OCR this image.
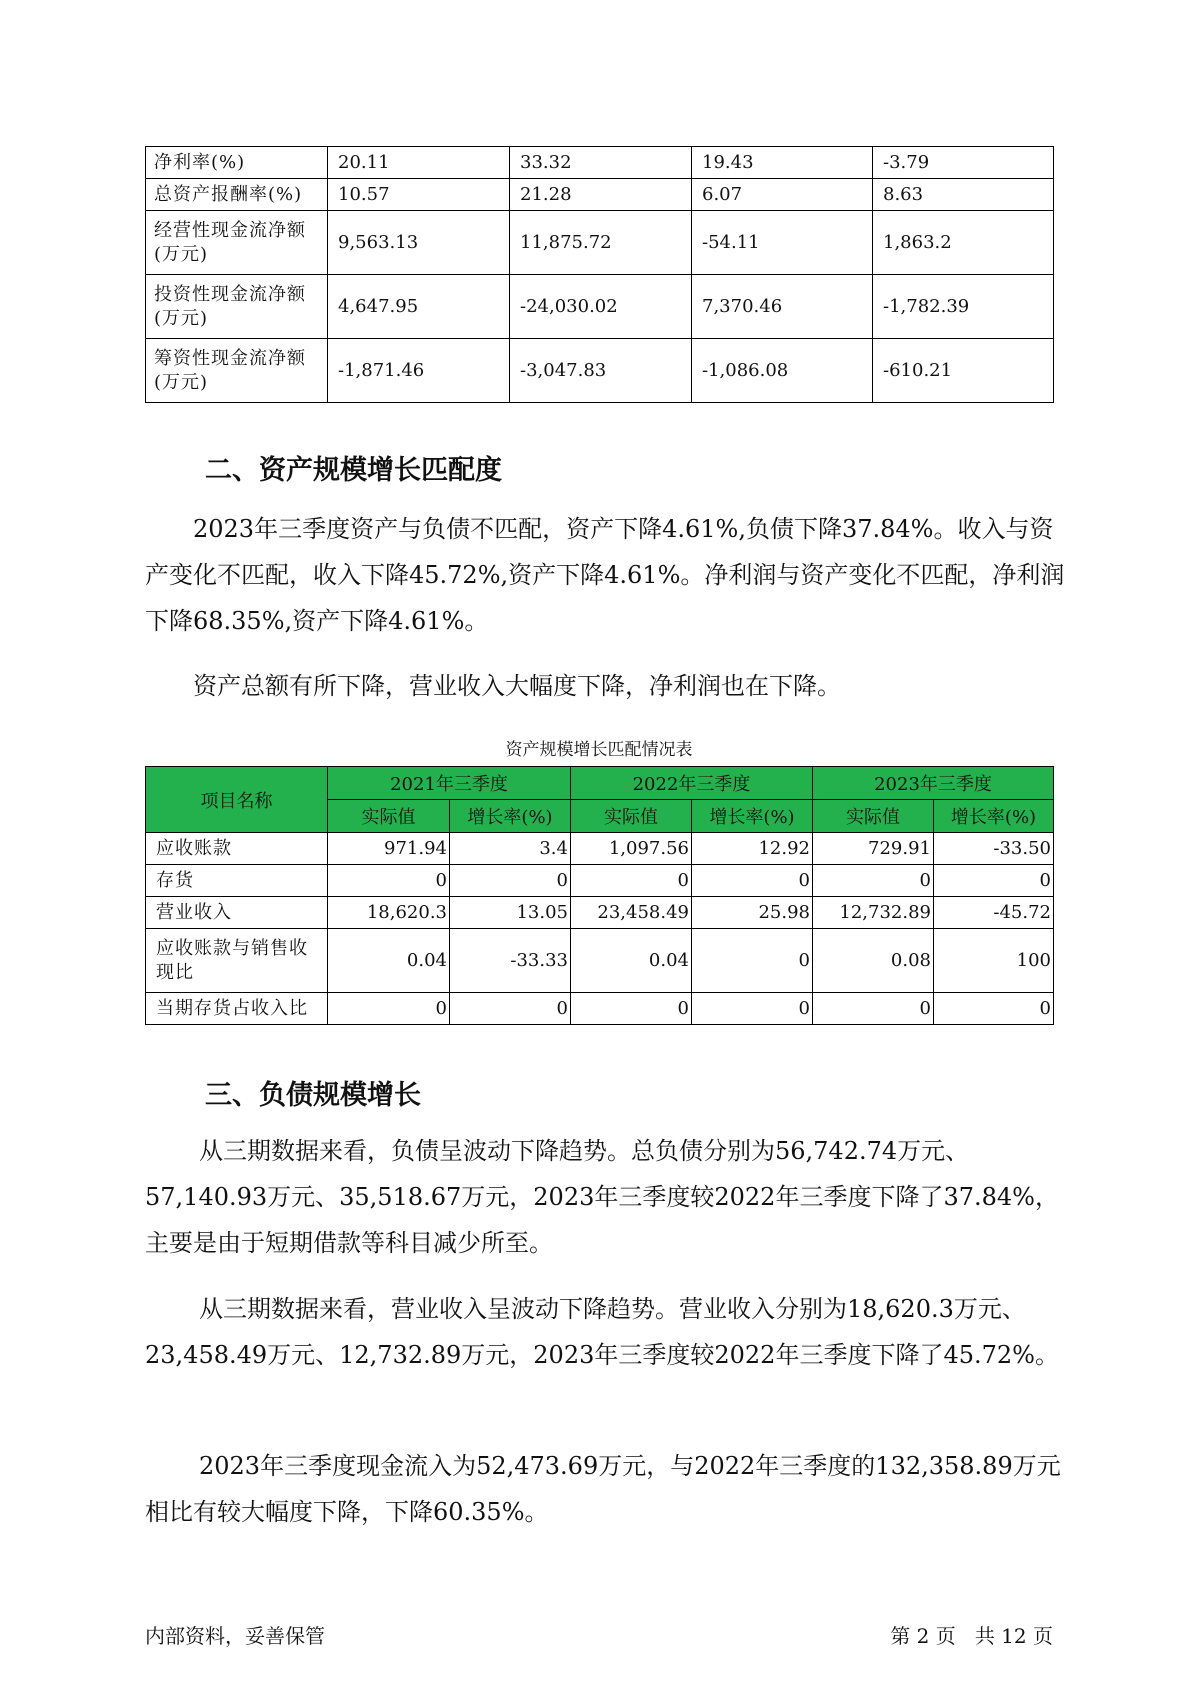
净利率(%)	20.11	33.32	19.43	-3.79
总资产报酬率(%)	10.57	21.28	6.07	8.63
经营性现金流净额(万元)	9,563.13	11,875.72	-54.11	1,863.2
投资性现金流净额(万元)	4,647.95	-24,030.02	7,370.46	-1,782.39
筹资性现金流净额(万元)	-1,871.46	-3,047.83	-1,086.08	-610.21
二、资产规模增长匹配度

2023年三季度资产与负债不匹配，资产下降4.61%,负债下降37.84%。收入与资产变化不匹配，收入下降45.72%,资产下降4.61%。净利润与资产变化不匹配，净利润下降68.35%,资产下降4.61%。

资产总额有所下降，营业收入大幅度下降，净利润也在下降。

资产规模增长匹配情况表
项目名称	2021年三季度		2022年三季度		2023年三季度	
	实际值	增长率(%)	实际值	增长率(%)	实际值	增长率(%)
应收账款	971.94	3.4	1,097.56	12.92	729.91	-33.50
存货	0	0	0	0	0	0
营业收入	18,620.3	13.05	23,458.49	25.98	12,732.89	-45.72
应收账款与销售收现比	0.04	-33.33	0.04	0	0.08	100
当期存货占收入比	0	0	0	0	0	0
三、负债规模增长

从三期数据来看，负债呈波动下降趋势。总负债分别为56,742.74万元、57,140.93万元、35,518.67万元，2023年三季度较2022年三季度下降了37.84%，主要是由于短期借款等科目减少所至。

从三期数据来看，营业收入呈波动下降趋势。营业收入分别为18,620.3万元、23,458.49万元、12,732.89万元，2023年三季度较2022年三季度下降了45.72%。

2023年三季度现金流入为52,473.69万元，与2022年三季度的132,358.89万元相比有较大幅度下降，下降60.35%。

内部资料，妥善保管	第 2 页   共 12 页
